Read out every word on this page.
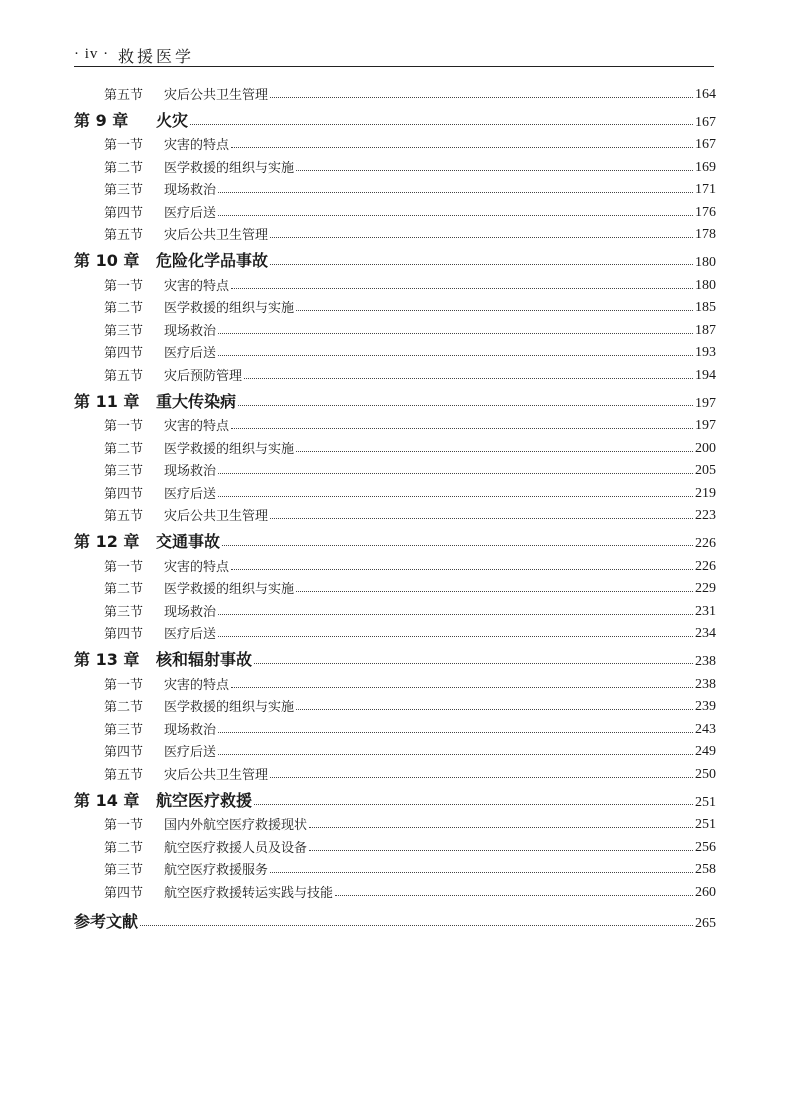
· iv · 救援医学
第五节	灾后公共卫生管理	164
第 9 章	火灾	167
第一节	灾害的特点	167
第二节	医学救援的组织与实施	169
第三节	现场救治	171
第四节	医疗后送	176
第五节	灾后公共卫生管理	178
第 10 章	危险化学品事故	180
第一节	灾害的特点	180
第二节	医学救援的组织与实施	185
第三节	现场救治	187
第四节	医疗后送	193
第五节	灾后预防管理	194
第 11 章	重大传染病	197
第一节	灾害的特点	197
第二节	医学救援的组织与实施	200
第三节	现场救治	205
第四节	医疗后送	219
第五节	灾后公共卫生管理	223
第 12 章	交通事故	226
第一节	灾害的特点	226
第二节	医学救援的组织与实施	229
第三节	现场救治	231
第四节	医疗后送	234
第 13 章	核和辐射事故	238
第一节	灾害的特点	238
第二节	医学救援的组织与实施	239
第三节	现场救治	243
第四节	医疗后送	249
第五节	灾后公共卫生管理	250
第 14 章	航空医疗救援	251
第一节	国内外航空医疗救援现状	251
第二节	航空医疗救援人员及设备	256
第三节	航空医疗救援服务	258
第四节	航空医疗救援转运实践与技能	260
参考文献	265
